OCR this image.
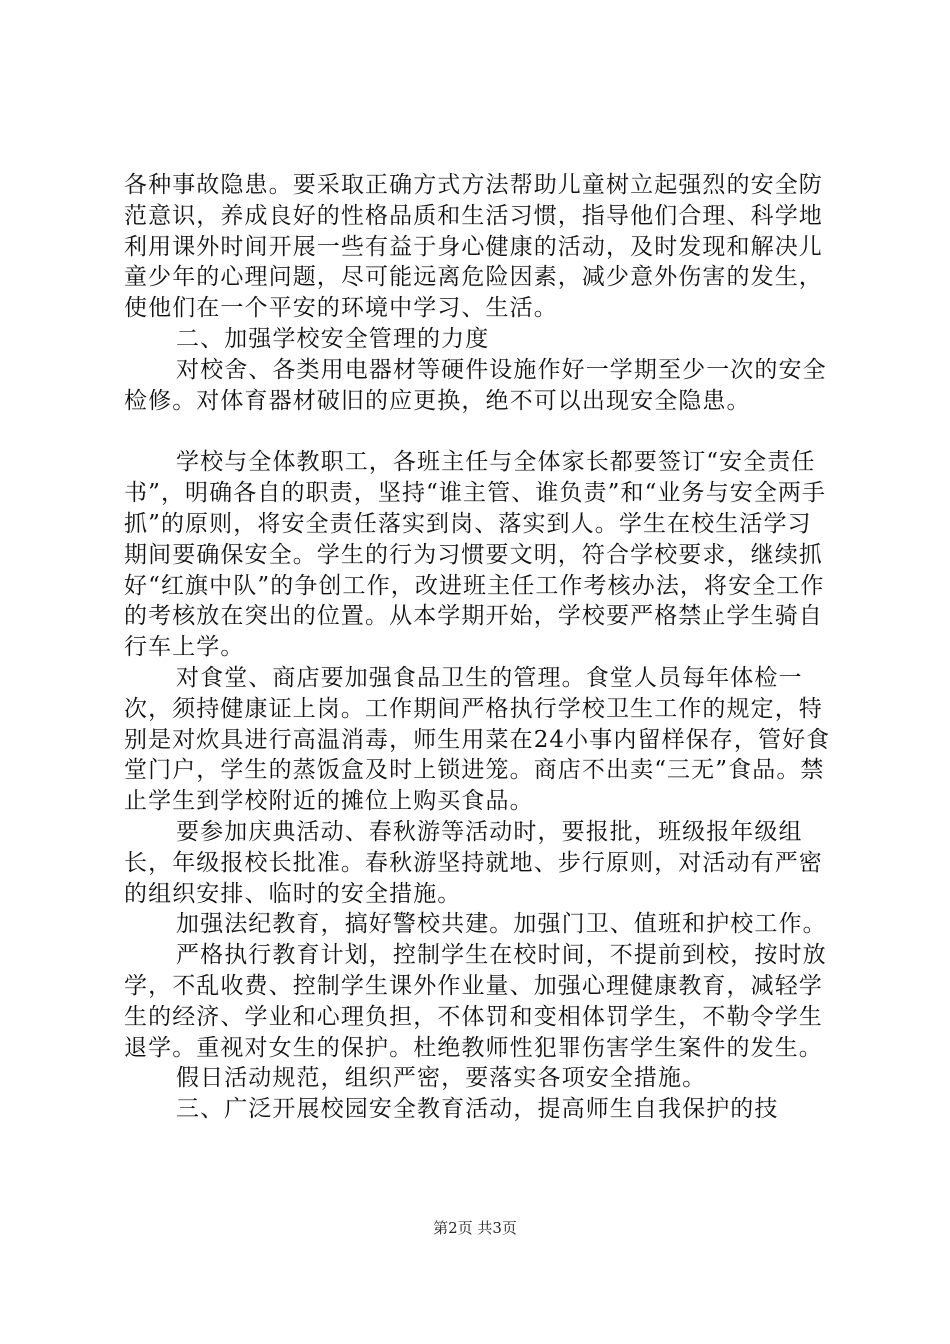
各种事故隐患。要采取正确方式方法帮助儿童树立起强烈的安全防范意识，养成良好的性格品质和生活习惯，指导他们合理、科学地利用课外时间开展一些有益于身心健康的活动，及时发现和解决儿童少年的心理问题，尽可能远离危险因素，减少意外伤害的发生，使他们在一个平安的环境中学习、生活。

二、加强学校安全管理的力度

对校舍、各类用电器材等硬件设施作好一学期至少一次的安全检修。对体育器材破旧的应更换，绝不可以出现安全隐患。

学校与全体教职工，各班主任与全体家长都要签订“安全责任书”，明确各自的职责，坚持“谁主管、谁负责”和“业务与安全两手抓”的原则，将安全责任落实到岗、落实到人。学生在校生活学习期间要确保安全。学生的行为习惯要文明，符合学校要求，继续抓好“红旗中队”的争创工作，改进班主任工作考核办法，将安全工作的考核放在突出的位置。从本学期开始，学校要严格禁止学生骑自行车上学。

对食堂、商店要加强食品卫生的管理。食堂人员每年体检一次，须持健康证上岗。工作期间严格执行学校卫生工作的规定，特别是对炊具进行高温消毒，师生用菜在24小事内留样保存，管好食堂门户，学生的蒸饭盒及时上锁进笼。商店不出卖“三无”食品。禁止学生到学校附近的摊位上购买食品。

要参加庆典活动、春秋游等活动时，要报批，班级报年级组长，年级报校长批准。春秋游坚持就地、步行原则，对活动有严密的组织安排、临时的安全措施。

加强法纪教育，搞好警校共建。加强门卫、值班和护校工作。

严格执行教育计划，控制学生在校时间，不提前到校，按时放学，不乱收费、控制学生课外作业量、加强心理健康教育，减轻学生的经济、学业和心理负担，不体罚和变相体罚学生，不勒令学生退学。重视对女生的保护。杜绝教师性犯罪伤害学生案件的发生。

假日活动规范，组织严密，要落实各项安全措施。

三、广泛开展校园安全教育活动，提高师生自我保护的技

第2页 共3页
